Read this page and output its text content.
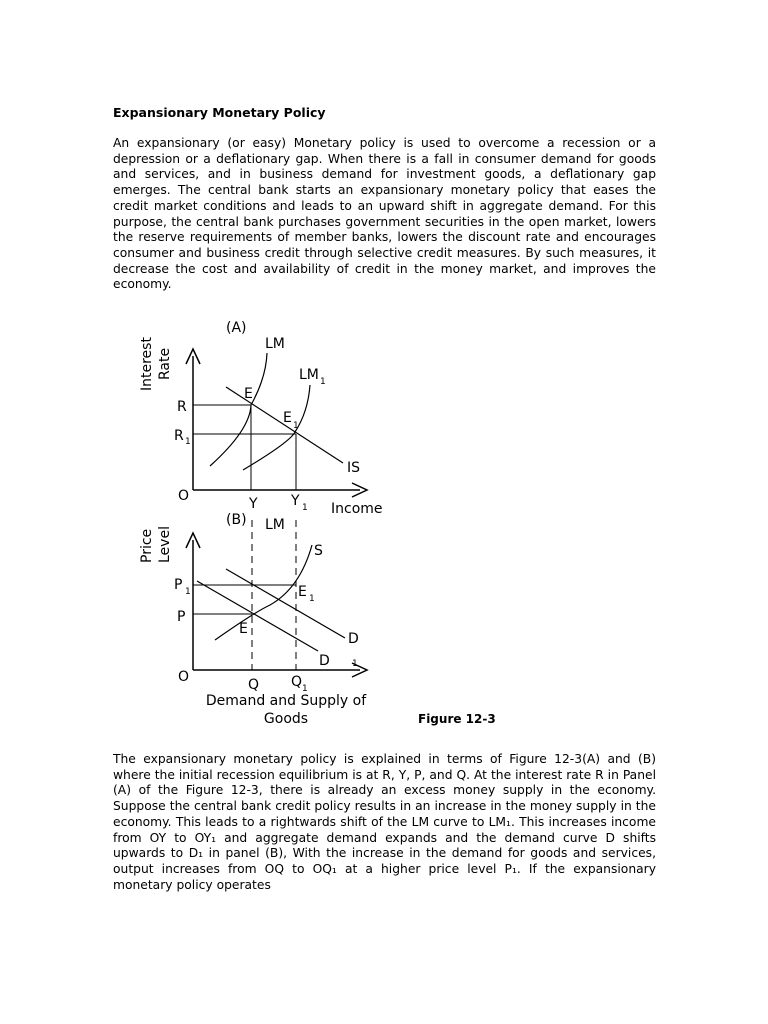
Expansionary Monetary Policy

An expansionary (or easy) Monetary policy is used to overcome a recession or a depression or a deflationary gap. When there is a fall in consumer demand for goods and services, and in business demand for investment goods, a deflationary gap emerges. The central bank starts an expansionary monetary policy that eases the credit market conditions and leads to an upward shift in aggregate demand. For this purpose, the central bank purchases government securities in the open market, lowers the reserve requirements of member banks, lowers the discount rate and encourages consumer and business credit through selective credit measures. By such measures, it decrease the cost and availability of credit in the money market, and improves the economy.

(A)
Interest Rate
LM
LM 1
IS
E
E 1
R
R 1
O	Y Y 1 Income
(B) LM
Price Level	S
E 1
E
D
D 1
P 1
P
O	Q Q 1
Demand and Supply of
Goods	Figure 12-3

The expansionary monetary policy is explained in terms of Figure 12-3(A) and (B) where the initial recession equilibrium is at R, Y, P, and Q. At the interest rate R in Panel (A) of the Figure 12-3, there is already an excess money supply in the economy. Suppose the central bank credit policy results in an increase in the money supply in the economy. This leads to a rightwards shift of the LM curve to LM₁. This increases income from OY to OY₁ and aggregate demand expands and the demand curve D shifts upwards to D₁ in panel (B), With the increase in the demand for goods and services, output increases from OQ to OQ₁ at a higher price level P₁. If the expansionary monetary policy operates
